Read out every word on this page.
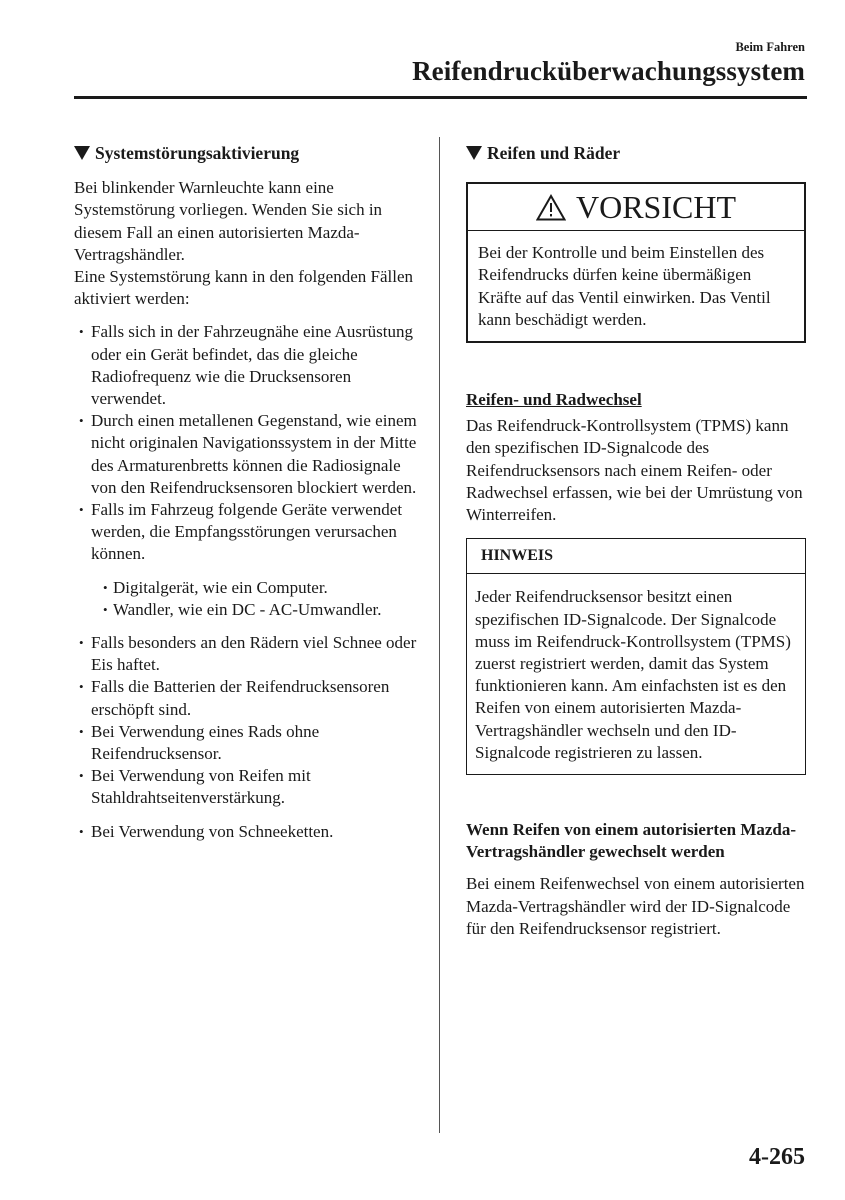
Beim Fahren
Reifendrucküberwachungssystem
Systemstörungsaktivierung

Bei blinkender Warnleuchte kann eine Systemstörung vorliegen. Wenden Sie sich in diesem Fall an einen autorisierten Mazda-Vertragshändler.

Eine Systemstörung kann in den folgenden Fällen aktiviert werden:

• Falls sich in der Fahrzeugnähe eine Ausrüstung oder ein Gerät befindet, das die gleiche Radiofrequenz wie die Drucksensoren verwendet.
• Durch einen metallenen Gegenstand, wie einem nicht originalen Navigationssystem in der Mitte des Armaturenbretts können die Radiosignale von den Reifendrucksensoren blockiert werden.
• Falls im Fahrzeug folgende Geräte verwendet werden, die Empfangsstörungen verursachen können.
• Digitalgerät, wie ein Computer.
• Wandler, wie ein DC - AC-Umwandler.
• Falls besonders an den Rädern viel Schnee oder Eis haftet.
• Falls die Batterien der Reifendrucksensoren erschöpft sind.
• Bei Verwendung eines Rads ohne Reifendrucksensor.
• Bei Verwendung von Reifen mit Stahldrahtseitenverstärkung.
• Bei Verwendung von Schneeketten.
Reifen und Räder
VORSICHT
Bei der Kontrolle und beim Einstellen des Reifendrucks dürfen keine übermäßigen Kräfte auf das Ventil einwirken. Das Ventil kann beschädigt werden.
Reifen- und Radwechsel

Das Reifendruck-Kontrollsystem (TPMS) kann den spezifischen ID-Signalcode des Reifendrucksensors nach einem Reifen- oder Radwechsel erfassen, wie bei der Umrüstung von Winterreifen.

HINWEIS
Jeder Reifendrucksensor besitzt einen spezifischen ID-Signalcode. Der Signalcode muss im Reifendruck-Kontrollsystem (TPMS) zuerst registriert werden, damit das System funktionieren kann. Am einfachsten ist es den Reifen von einem autorisierten Mazda-Vertragshändler wechseln und den ID-Signalcode registrieren zu lassen.
Wenn Reifen von einem autorisierten Mazda-Vertragshändler gewechselt werden

Bei einem Reifenwechsel von einem autorisierten Mazda-Vertragshändler wird der ID-Signalcode für den Reifendrucksensor registriert.

4-265
